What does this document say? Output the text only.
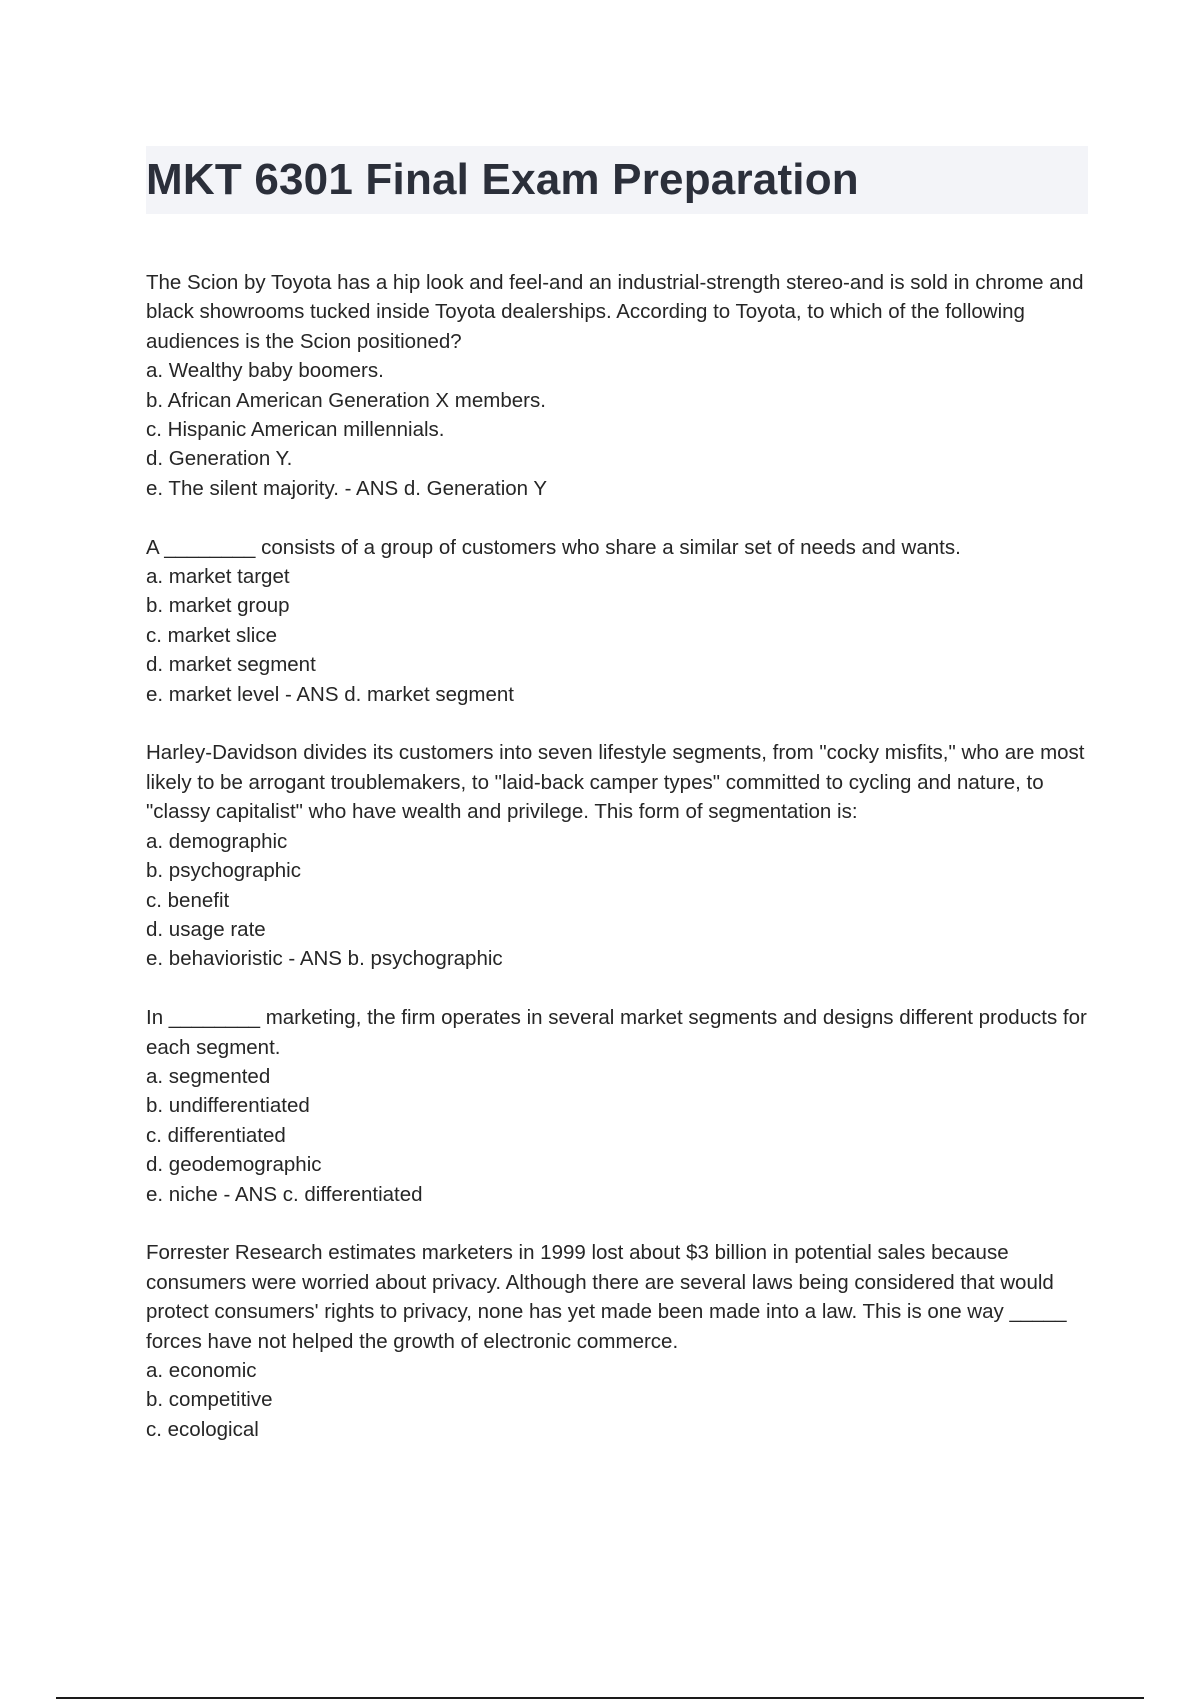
MKT 6301 Final Exam Preparation

The Scion by Toyota has a hip look and feel-and an industrial-strength stereo-and is sold in chrome and black showrooms tucked inside Toyota dealerships. According to Toyota, to which of the following audiences is the Scion positioned?

a. Wealthy baby boomers.

b. African American Generation X members.

c. Hispanic American millennials.

d. Generation Y.

e. The silent majority. - ANS d. Generation Y

A ________ consists of a group of customers who share a similar set of needs and wants.

a. market target

b. market group

c. market slice

d. market segment

e. market level - ANS d. market segment

Harley-Davidson divides its customers into seven lifestyle segments, from "cocky misfits," who are most likely to be arrogant troublemakers, to "laid-back camper types" committed to cycling and nature, to "classy capitalist" who have wealth and privilege. This form of segmentation is:

a. demographic

b. psychographic

c. benefit

d. usage rate

e. behavioristic - ANS b. psychographic

In ________ marketing, the firm operates in several market segments and designs different products for each segment.

a. segmented

b. undifferentiated

c. differentiated

d. geodemographic

e. niche - ANS c. differentiated

Forrester Research estimates marketers in 1999 lost about $3 billion in potential sales because consumers were worried about privacy. Although there are several laws being considered that would protect consumers' rights to privacy, none has yet made been made into a law. This is one way _____ forces have not helped the growth of electronic commerce.

a. economic

b. competitive

c. ecological
